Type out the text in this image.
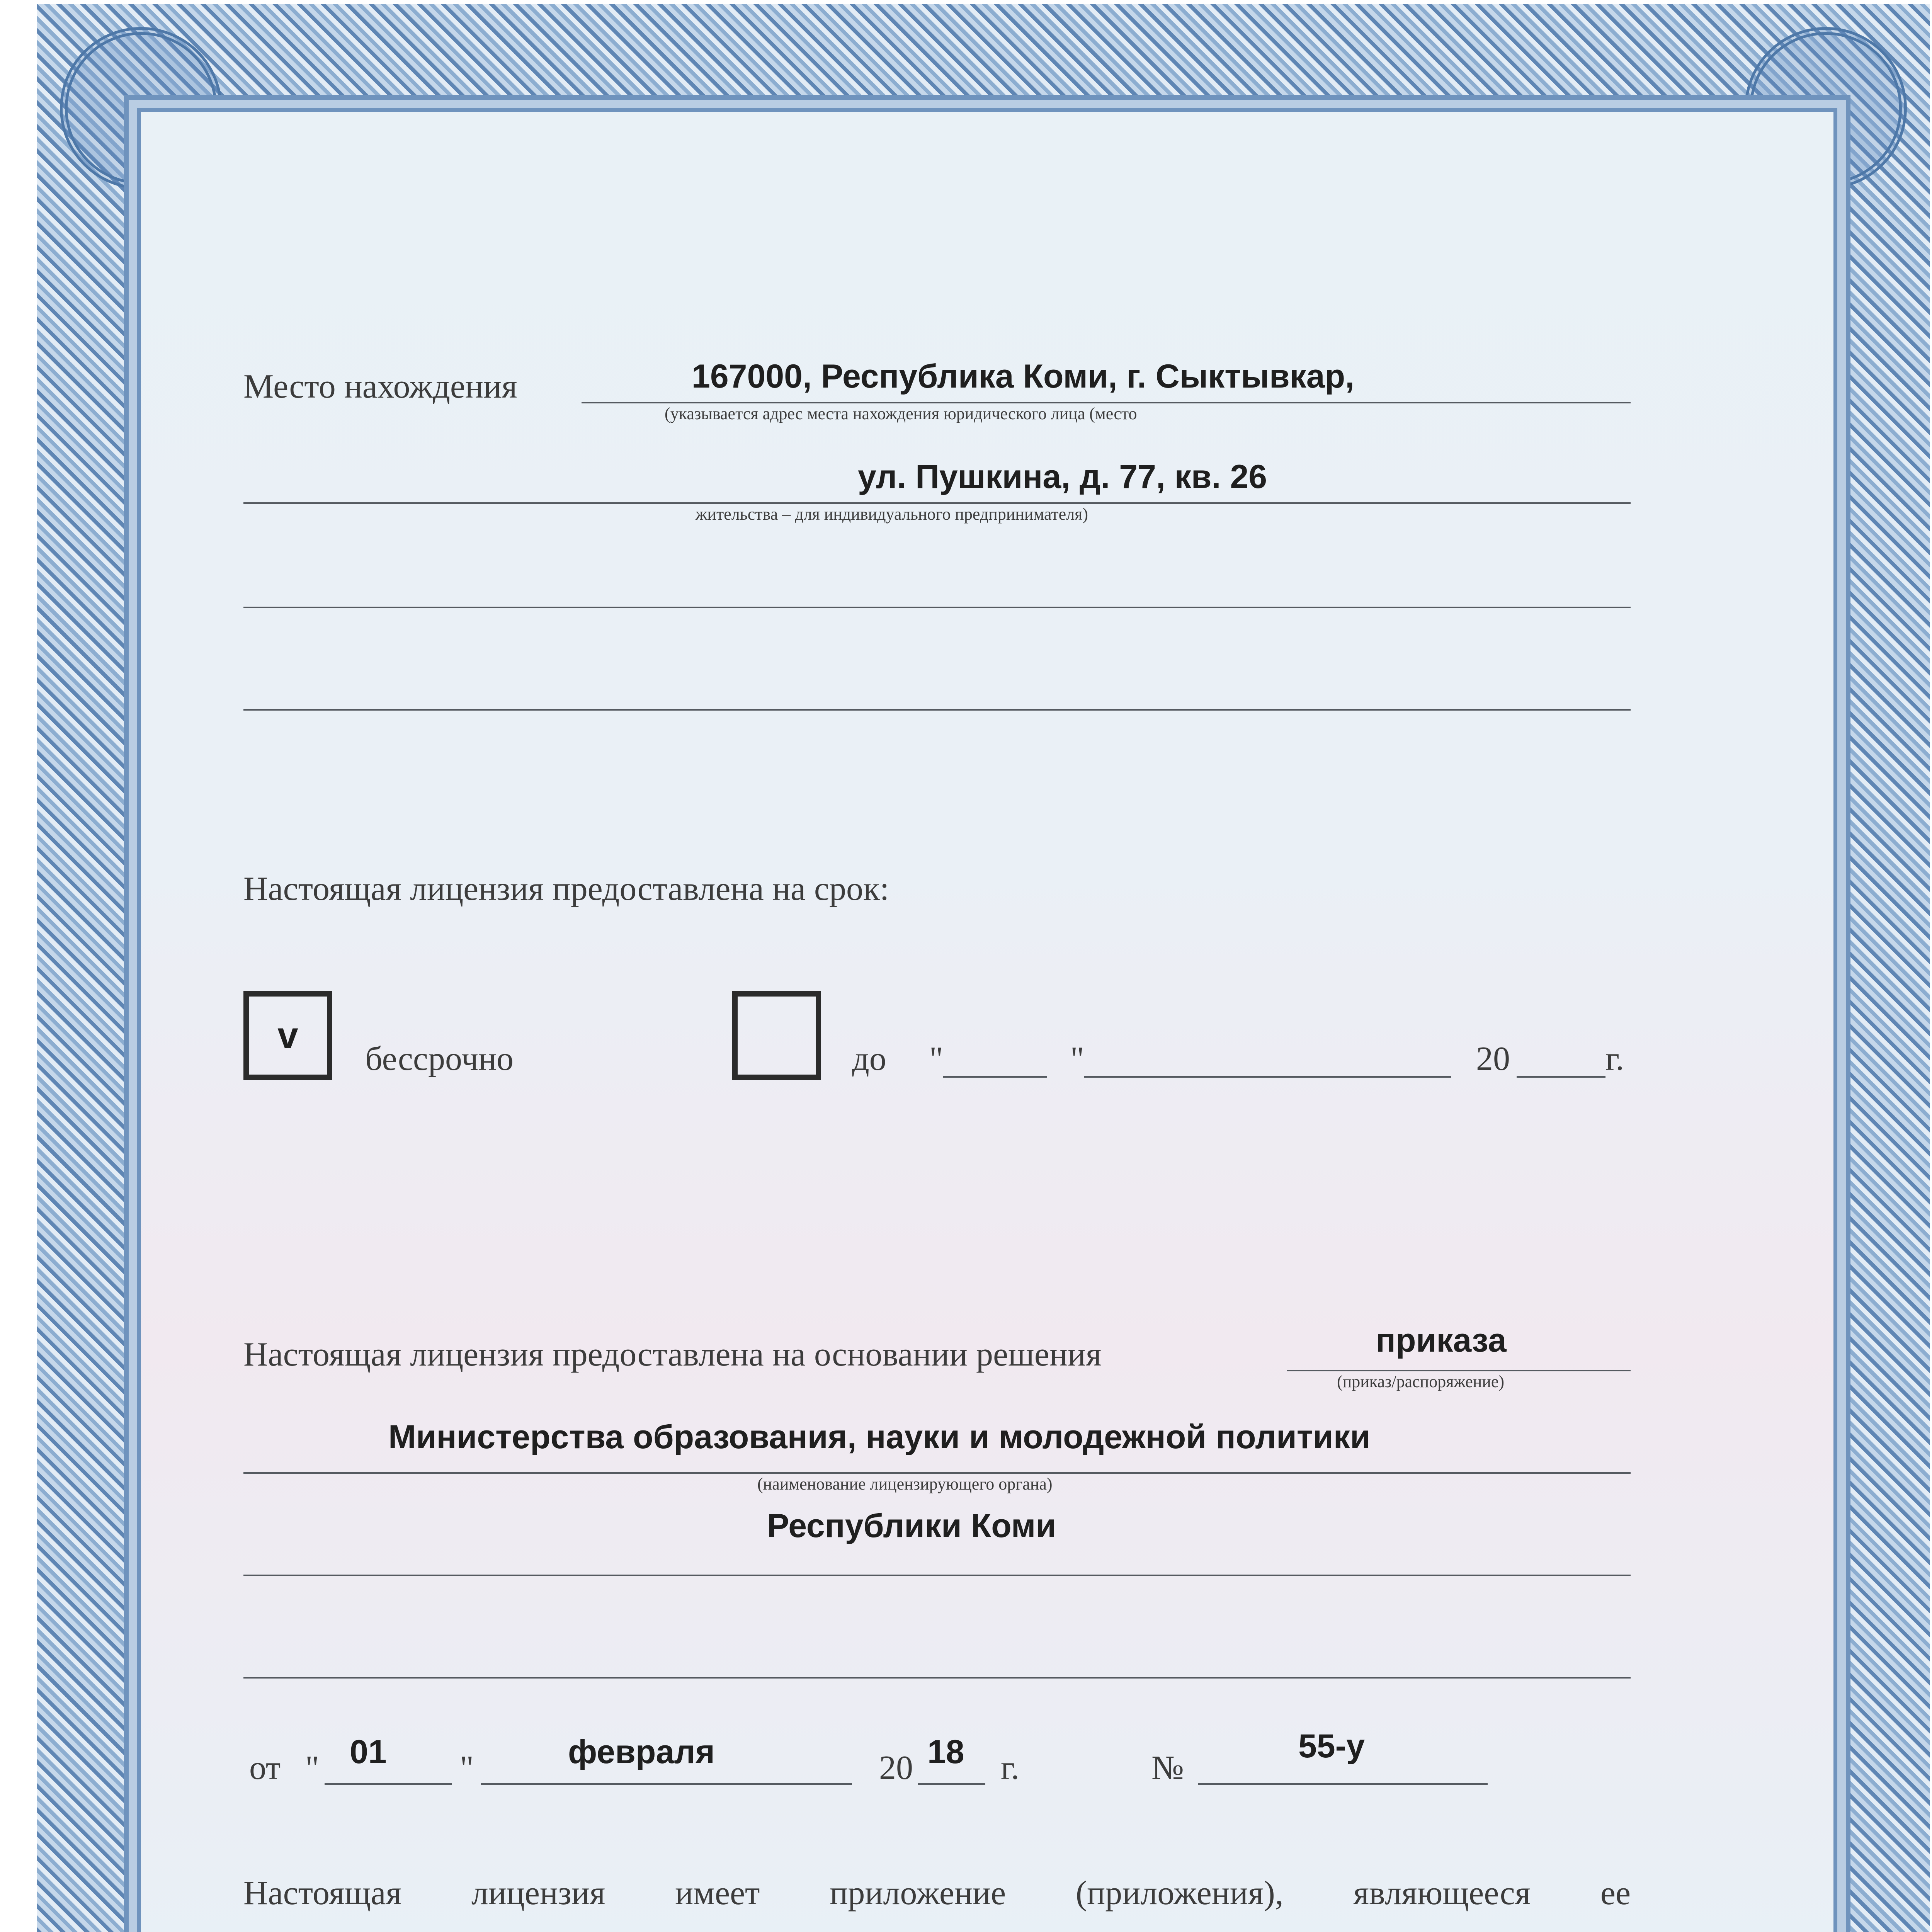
Место нахождения	167000, Республика Коми, г. Сыктывкар,
(указывается адрес места нахождения юридического лица (место
ул. Пушкина, д. 77, кв. 26
жительства – для индивидуального предпринимателя)
Настоящая лицензия предоставлена на срок:
v
бессрочно	до "	"	20	г.
Настоящая лицензия предоставлена на основании решения	приказа
(приказ/распоряжение)
Министерства образования, науки и молодежной политики
(наименование лицензирующего органа)
Республики Коми
от " 01 "	февраля	20 18 г.	№
55-у
Настоящая лицензия имеет приложение (приложения), являющееся ее
